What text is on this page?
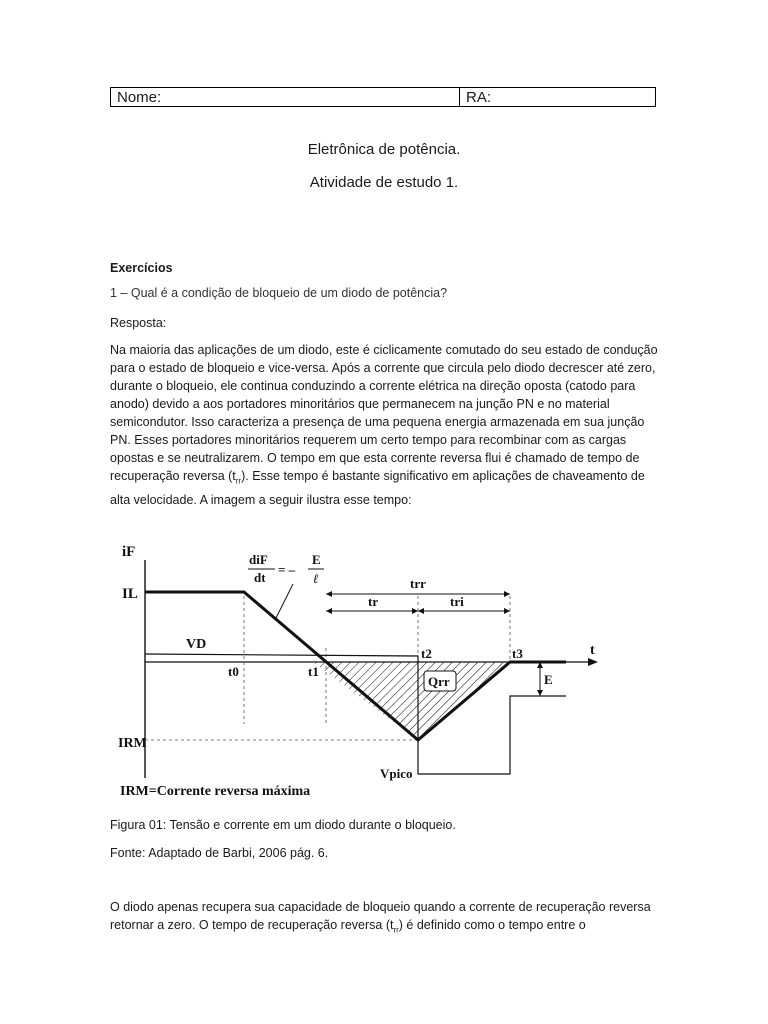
Nome:	RA:
Eletrônica de potência.
Atividade de estudo 1.
Exercícios
1 – Qual é a condição de bloqueio de um diodo de potência?
Resposta:

Na maioria das aplicações de um diodo, este é ciclicamente comutado do seu estado de condução para o estado de bloqueio e vice-versa. Após a corrente que circula pelo diodo decrescer até zero, durante o bloqueio, ele continua conduzindo a corrente elétrica na direção oposta (catodo para anodo) devido a aos portadores minoritários que permanecem na junção PN e no material semicondutor. Isso caracteriza a presença de uma pequena energia armazenada em sua junção PN. Esses portadores minoritários requerem um certo tempo para recombinar com as cargas opostas e se neutralizarem. O tempo em que esta corrente reversa flui é chamado de tempo de recuperação reversa $(t_{rr})$. Esse tempo é bastante significativo em aplicações de chaveamento de alta velocidade. A imagem a seguir ilustra esse tempo:

iF
IL
VD
t0	t1
t2	t3	t
trr
tr	tri
Qrr	E
IRM
Vpico
diF
dt
= –
E
ℓ
IRM=Corrente reversa máxima
Figura 01: Tensão e corrente em um diodo durante o bloqueio.
Fonte: Adaptado de Barbi, 2006 pág. 6.
O diodo apenas recupera sua capacidade de bloqueio quando a corrente de recuperação reversa retornar a zero. O tempo de recuperação reversa $(t_{rr})$ é definido como o tempo entre o
